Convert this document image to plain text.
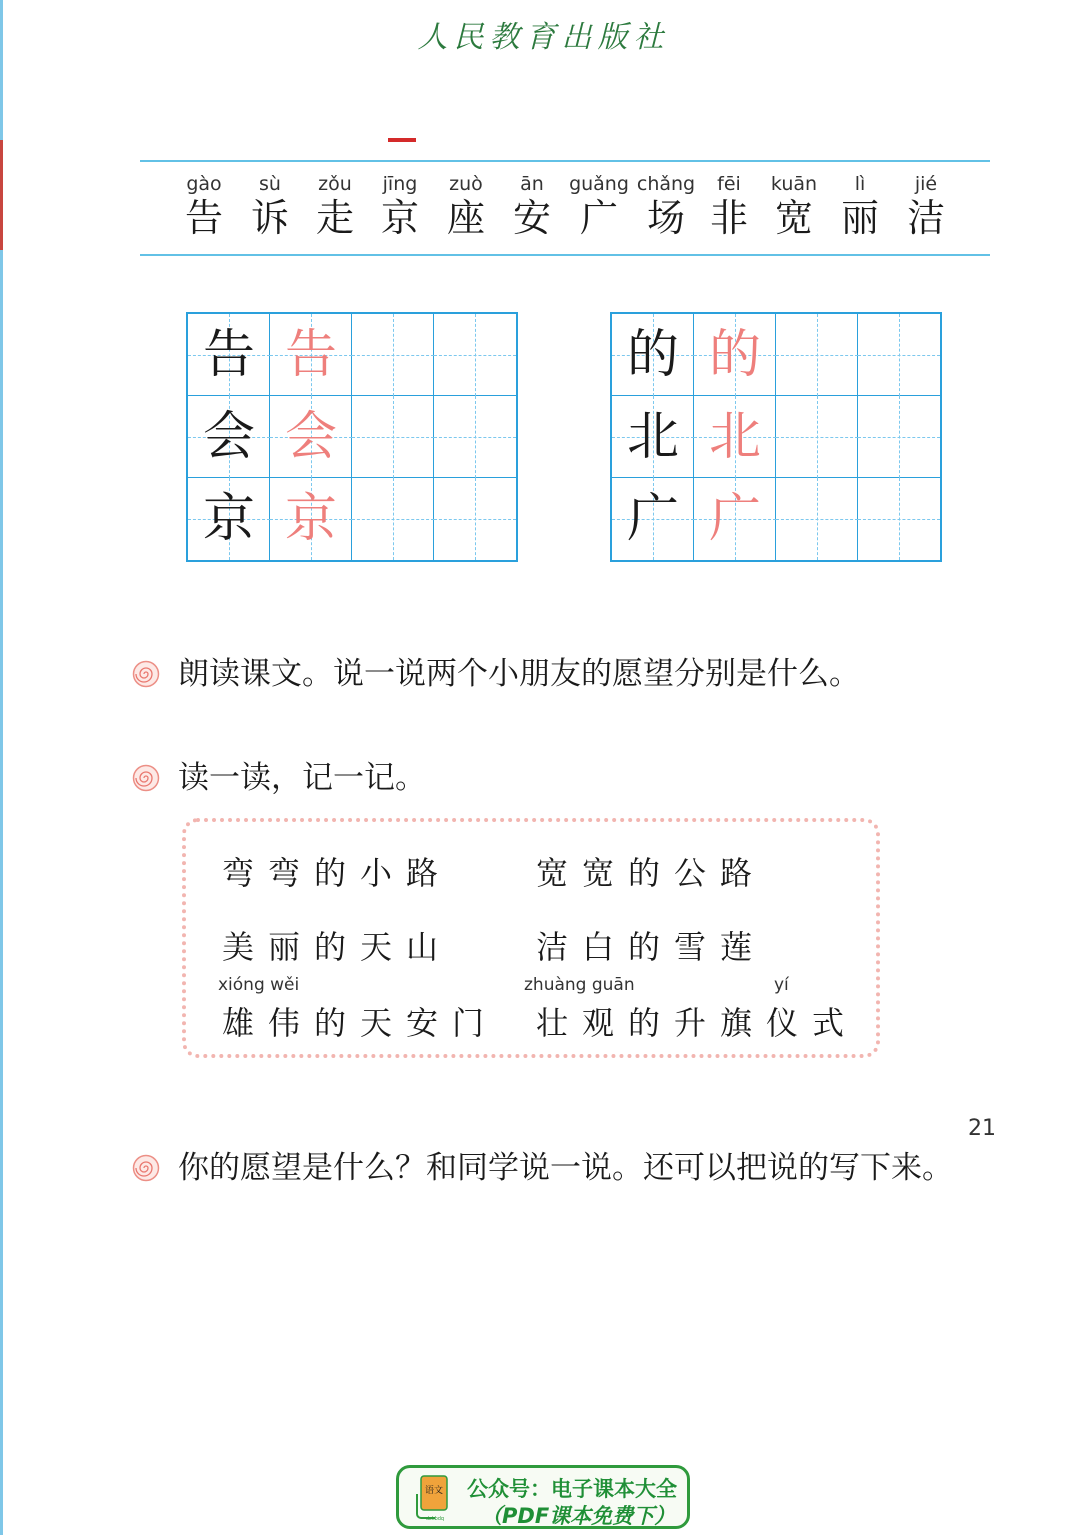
人民教育出版社
gào
告
sù
诉
zǒu
走
jīng
京
zuò
座
ān
安
guǎng
广
chǎng
场
fēi
非
kuān
宽
lì
丽
jié
洁
告 告
会 会
京 京
的 的
北 北
广 广
朗读课文。说一说两个小朋友的愿望分别是什么。
读一读，记一记。
弯弯的小路	宽宽的公路
美丽的天山	洁白的雪莲
xióng wěi	zhuàng guān	yí
雄伟的天安门 壮观的升旗仪式
你的愿望是什么？和同学说一说。还可以把说的写下来。
21
语文
dzkbdq
公众号：电子课本大全
（PDF课本免费下）
